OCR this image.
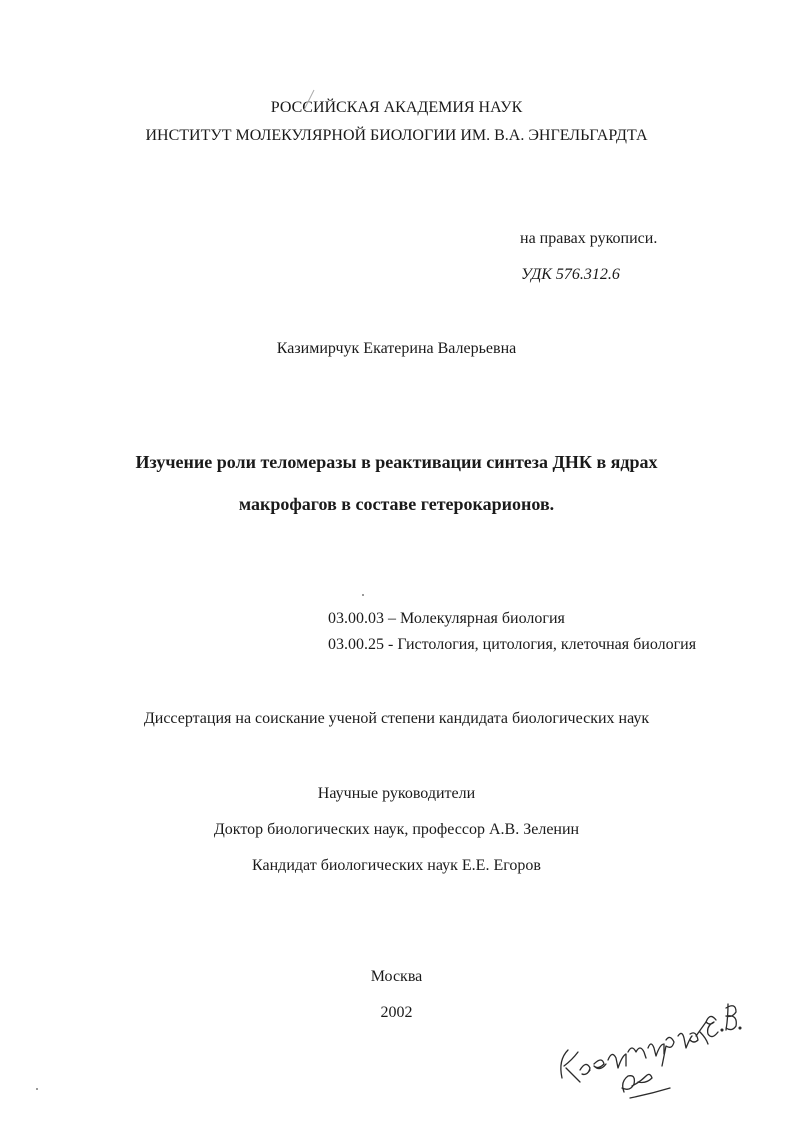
РОССИЙСКАЯ АКАДЕМИЯ НАУК
ИНСТИТУТ МОЛЕКУЛЯРНОЙ БИОЛОГИИ ИМ. В.А. ЭНГЕЛЬГАРДТА
на правах рукописи.
УДК 576.312.6
Казимирчук Екатерина Валерьевна
Изучение роли теломеразы в реактивации синтеза ДНК в ядрах
макрофагов в составе гетерокарионов.
03.00.03 – Молекулярная биология
03.00.25 - Гистология, цитология, клеточная биология
Диссертация на соискание ученой степени кандидата биологических наук
Научные руководители
Доктор биологических наук, профессор А.В. Зеленин
Кандидат биологических наук Е.Е. Егоров
Москва
2002
